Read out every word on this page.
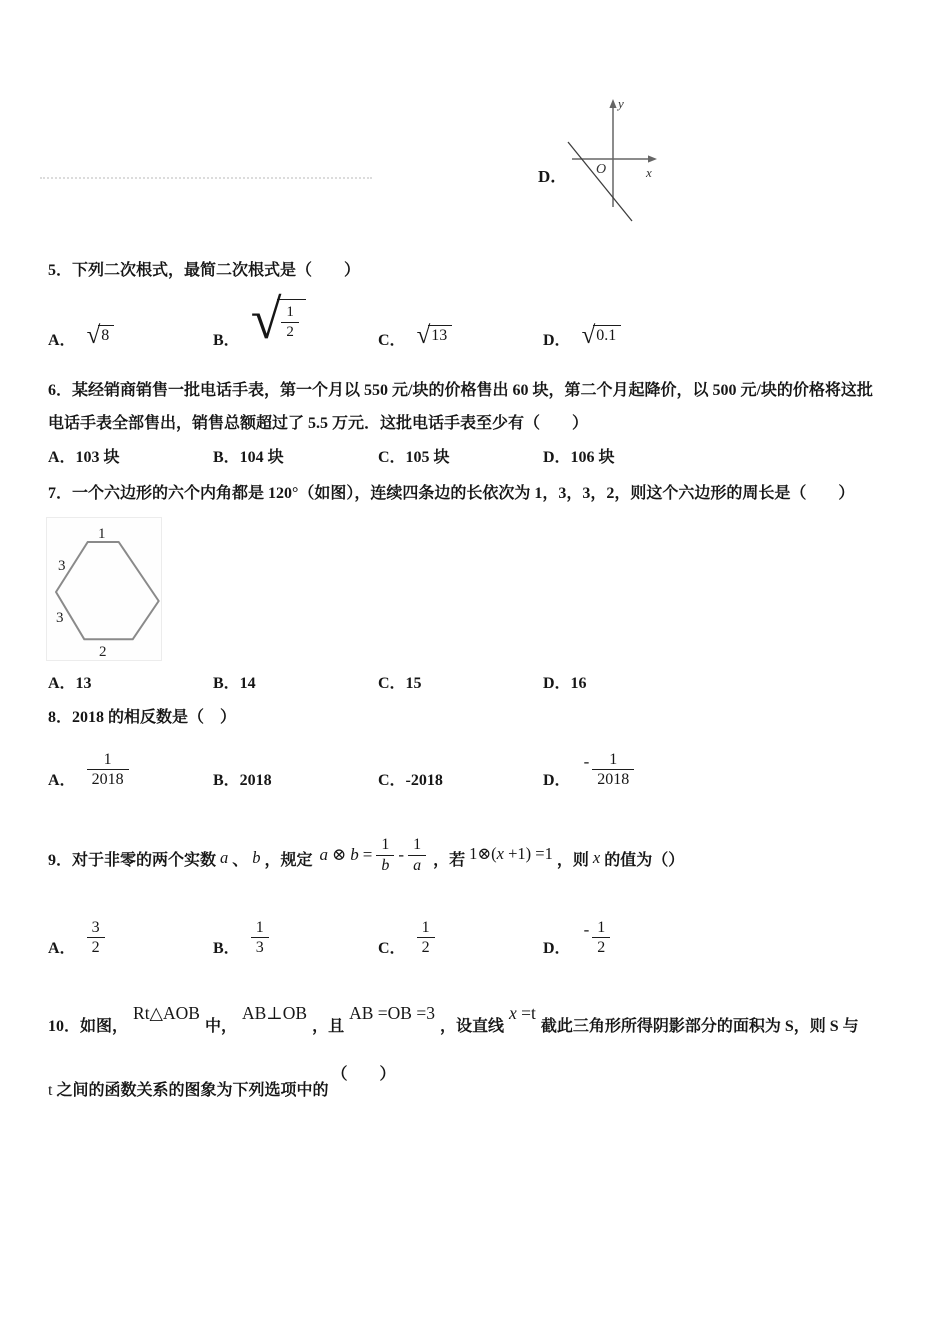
D．
y
x
O
5．下列二次根式，最简二次根式是（　　）
A． √ 8	B． √ $\frac{1}{2}$	C． √ 13	D． √ 0.1
6．某经销商销售一批电话手表，第一个月以 550 元/块的价格售出 60 块，第二个月起降价，以 500 元/块的价格将这批
电话手表全部售出，销售总额超过了 5.5 万元．这批电话手表至少有（　　）
A．103 块	B．104 块	C．105 块	D．106 块
7．一个六边形的六个内角都是 120°（如图），连续四条边的长依次为 1，3，3，2，则这个六边形的周长是（　　）
1
3
3
2
A．13	B．14	C．15	D．16
8．2018 的相反数是（　）
A． $\frac{1}{2018}$	B．2018	C．-2018	D．
- $\frac{1}{2018}$
9．对于非零的两个实数 a 、 b ，规定 a ⊗ $b = \frac{1}{b} - \frac{1}{a}$ ，若 1⊗(x +1) =1 ，则 x 的值为（）
A． $\frac{3}{2}$	B． $\frac{1}{3}$	C． $\frac{1}{2}$	D．
- $\frac{1}{2}$
10．如图，
Rt△AOB
中，
AB⊥OB
，且
AB =OB =3
，设直线
x =t
截此三角形所得阴影部分的面积为 S，则 S 与
t 之间的函数关系的图象为下列选项中的
（　　）
